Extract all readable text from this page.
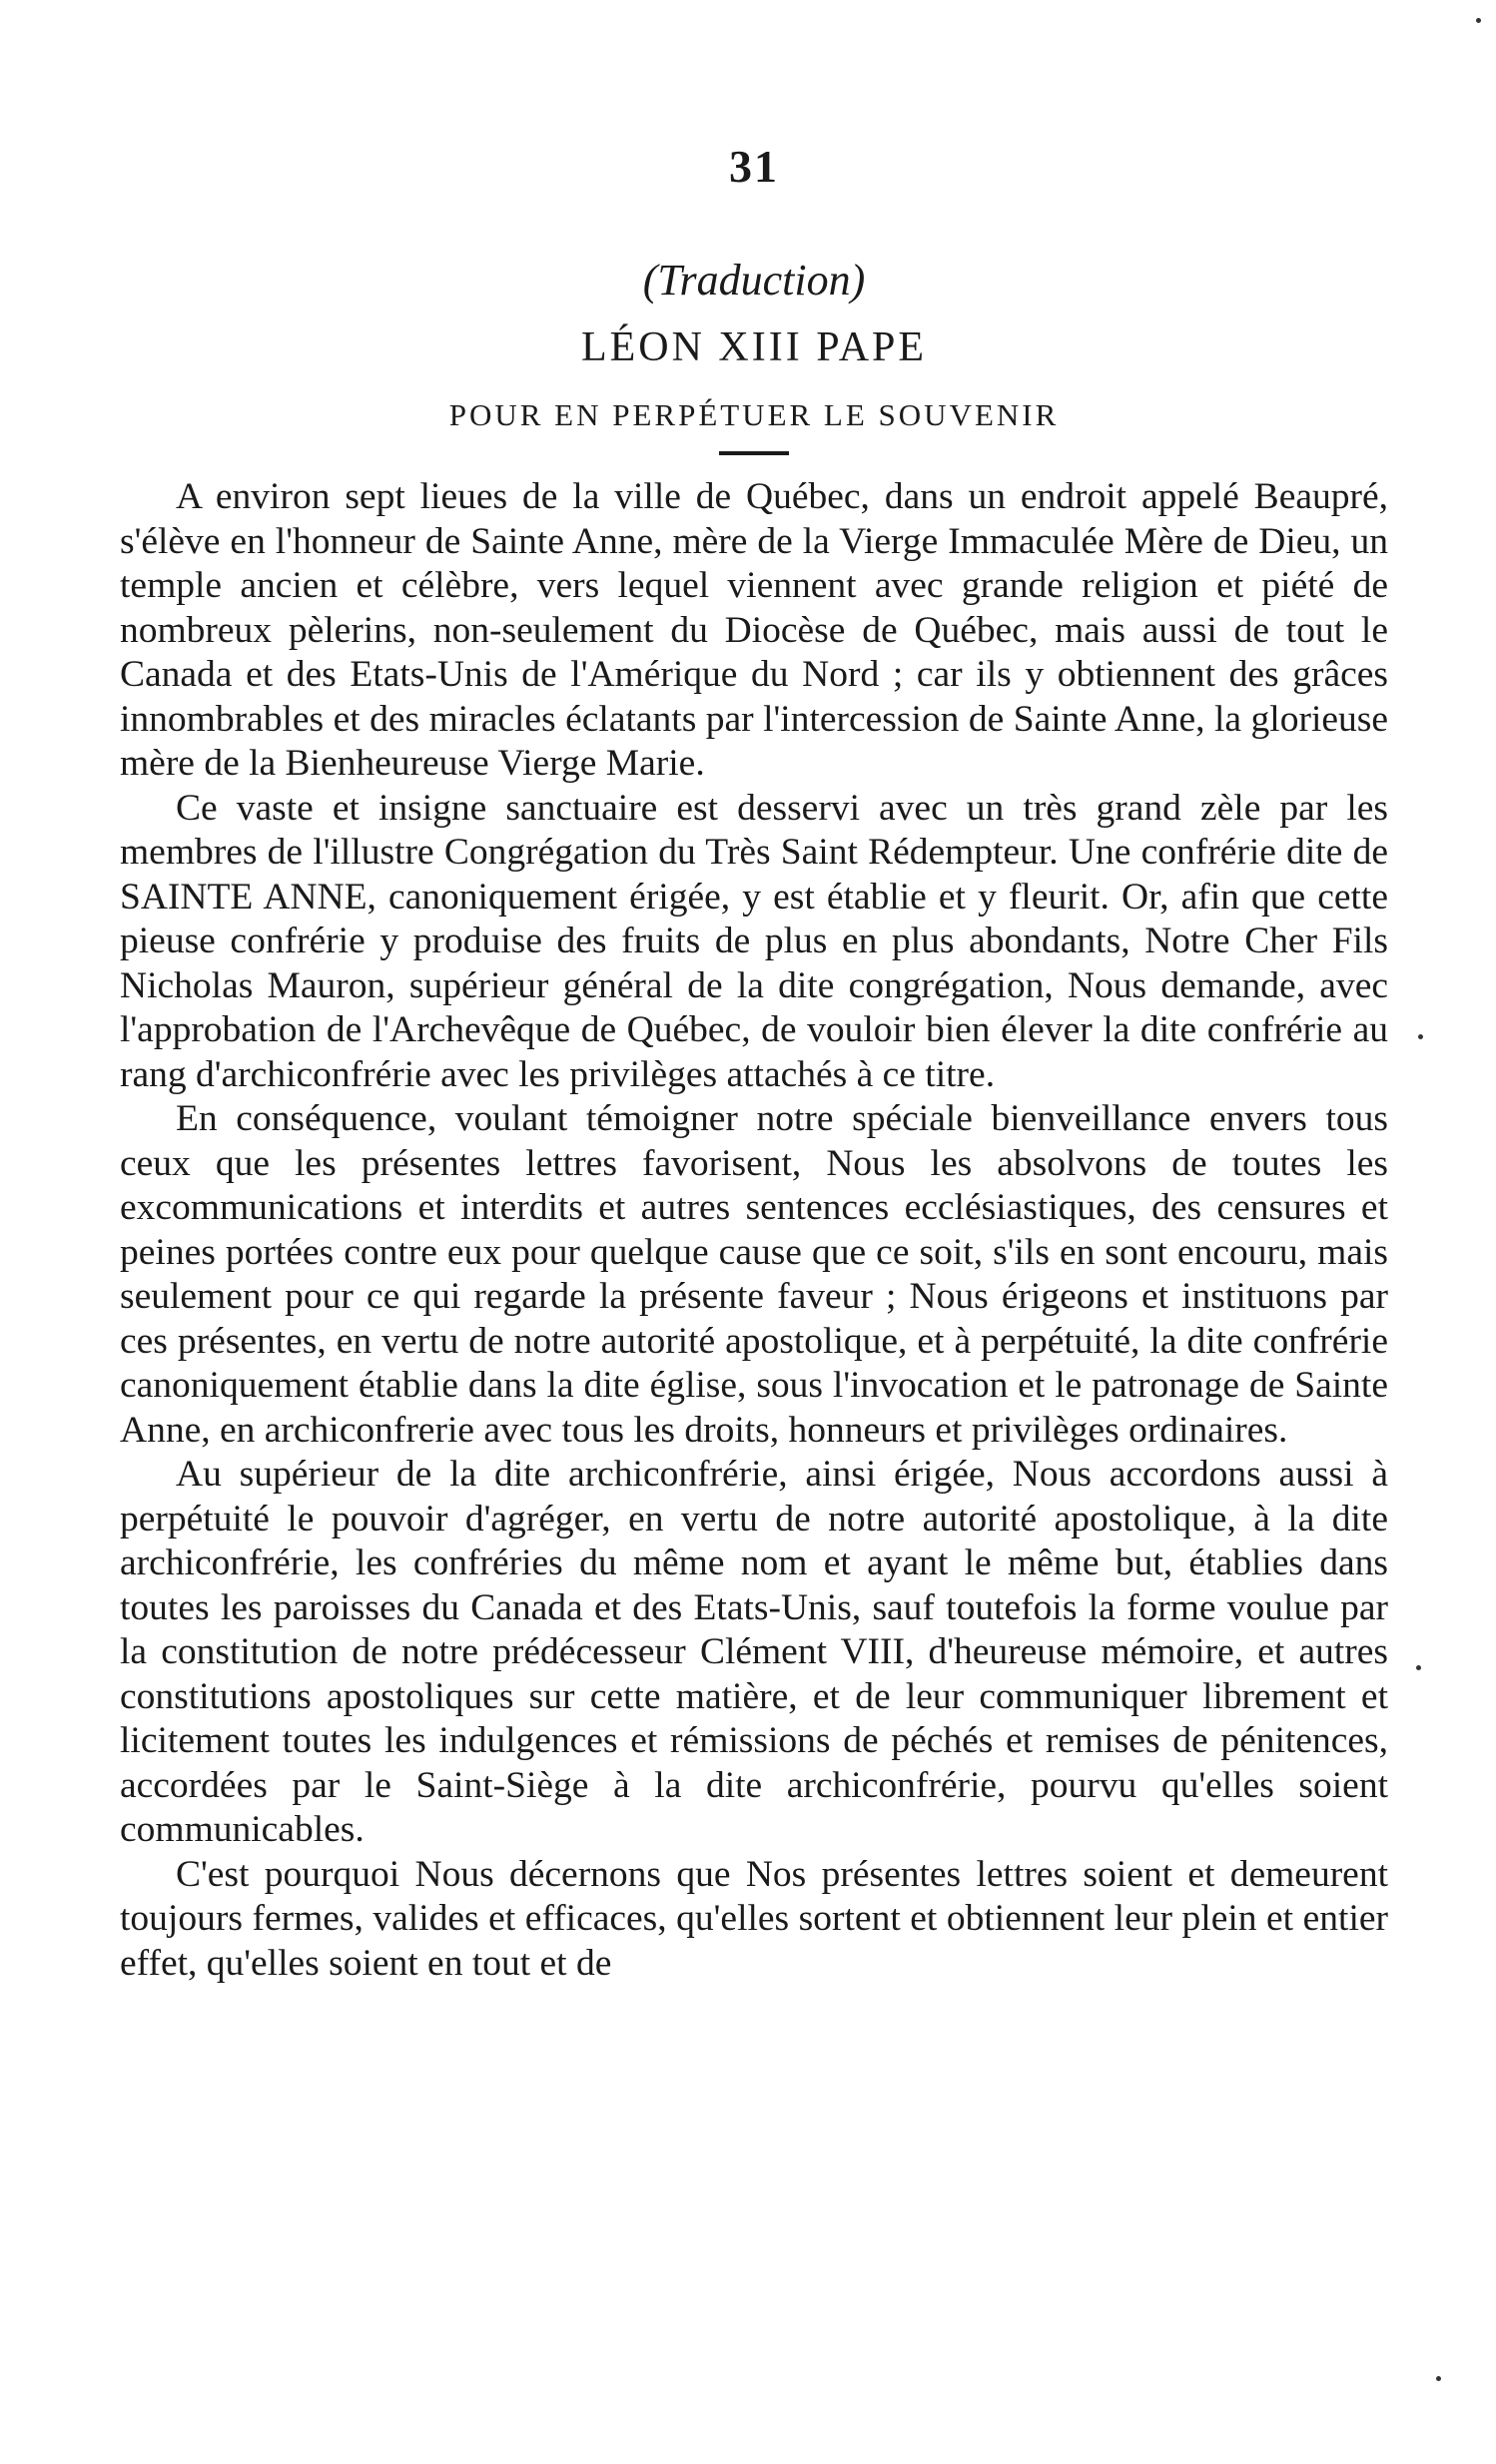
31
(Traduction)
LÉON XIII PAPE
POUR EN PERPÉTUER LE SOUVENIR

A environ sept lieues de la ville de Québec, dans un endroit appelé Beaupré, s'élève en l'honneur de Sainte Anne, mère de la Vierge Immaculée Mère de Dieu, un temple ancien et célèbre, vers lequel viennent avec grande religion et piété de nombreux pèlerins, non-seulement du Diocèse de Québec, mais aussi de tout le Canada et des Etats-Unis de l'Amérique du Nord ; car ils y obtiennent des grâces innombrables et des miracles éclatants par l'intercession de Sainte Anne, la glorieuse mère de la Bienheureuse Vierge Marie.

Ce vaste et insigne sanctuaire est desservi avec un très grand zèle par les membres de l'illustre Congrégation du Très Saint Rédempteur. Une confrérie dite de SAINTE ANNE, canoniquement érigée, y est établie et y fleurit. Or, afin que cette pieuse confrérie y produise des fruits de plus en plus abondants, Notre Cher Fils Nicholas Mauron, supérieur général de la dite congrégation, Nous demande, avec l'approbation de l'Archevêque de Québec, de vouloir bien élever la dite confrérie au rang d'archiconfrérie avec les privilèges attachés à ce titre.

En conséquence, voulant témoigner notre spéciale bienveillance envers tous ceux que les présentes lettres favorisent, Nous les absolvons de toutes les excommunications et interdits et autres sentences ecclésiastiques, des censures et peines portées contre eux pour quelque cause que ce soit, s'ils en sont encouru, mais seulement pour ce qui regarde la présente faveur ; Nous érigeons et instituons par ces présentes, en vertu de notre autorité apostolique, et à perpétuité, la dite confrérie canoniquement établie dans la dite église, sous l'invocation et le patronage de Sainte Anne, en archiconfrerie avec tous les droits, honneurs et privilèges ordinaires.

Au supérieur de la dite archiconfrérie, ainsi érigée, Nous accordons aussi à perpétuité le pouvoir d'agréger, en vertu de notre autorité apostolique, à la dite archiconfrérie, les confréries du même nom et ayant le même but, établies dans toutes les paroisses du Canada et des Etats-Unis, sauf toutefois la forme voulue par la constitution de notre prédécesseur Clément VIII, d'heureuse mémoire, et autres constitutions apostoliques sur cette matière, et de leur communiquer librement et licitement toutes les indulgences et rémissions de péchés et remises de pénitences, accordées par le Saint-Siège à la dite archiconfrérie, pourvu qu'elles soient communicables.

C'est pourquoi Nous décernons que Nos présentes lettres soient et demeurent toujours fermes, valides et efficaces, qu'elles sortent et obtiennent leur plein et entier effet, qu'elles soient en tout et de
